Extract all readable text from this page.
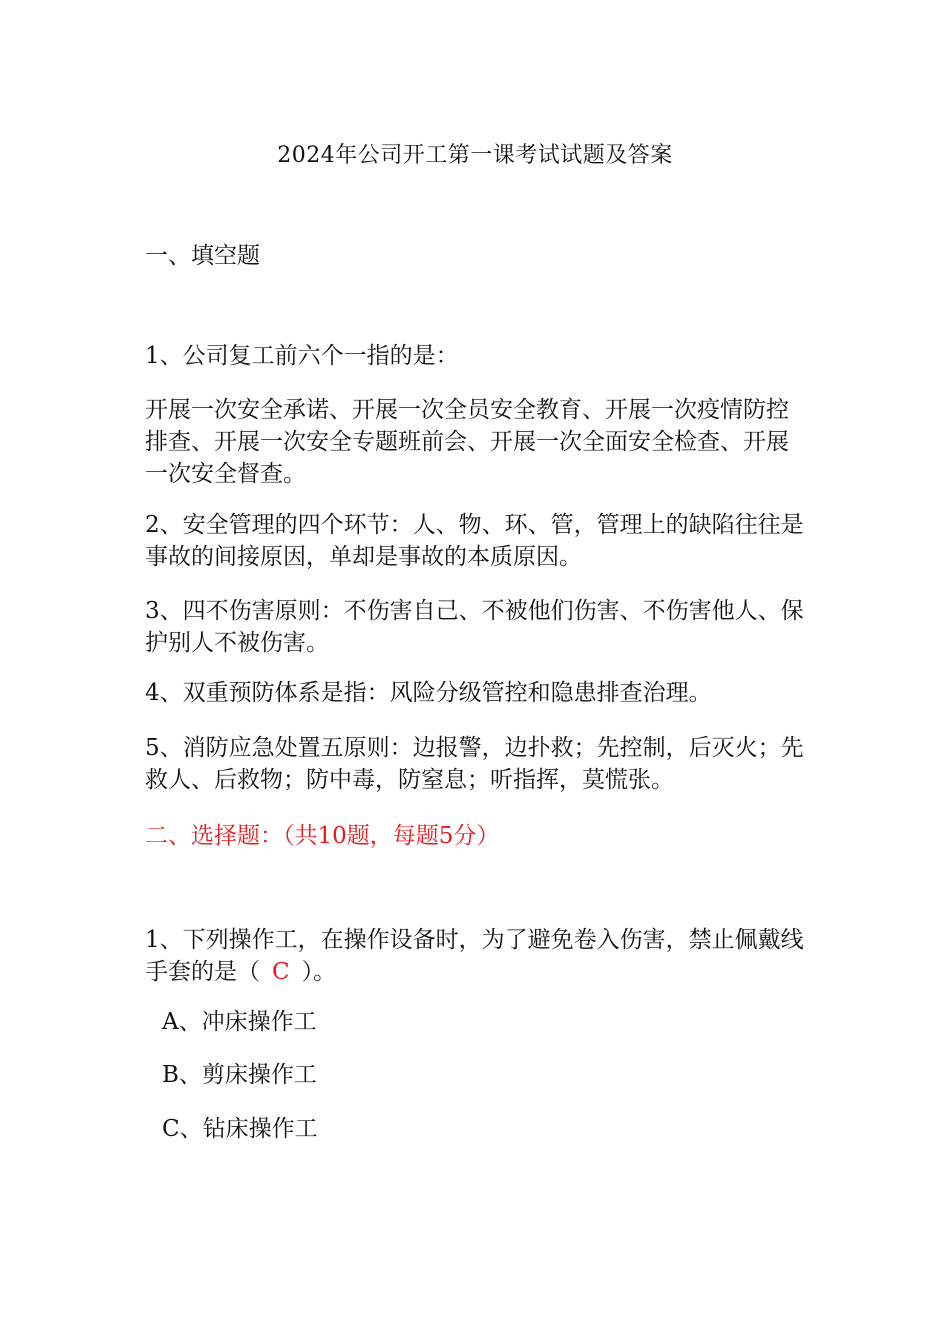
2024年公司开工第一课考试试题及答案

一、填空题

1、公司复工前六个一指的是：

开展一次安全承诺、开展一次全员安全教育、开展一次疫情防控排查、开展一次安全专题班前会、开展一次全面安全检查、开展一次安全督查。

2、安全管理的四个环节：人、物、环、管，管理上的缺陷往往是事故的间接原因，单却是事故的本质原因。

3、四不伤害原则：不伤害自己、不被他们伤害、不伤害他人、保护别人不被伤害。

4、双重预防体系是指：风险分级管控和隐患排查治理。

5、消防应急处置五原则：边报警，边扑救；先控制，后灭火；先救人、后救物；防中毒，防窒息；听指挥，莫慌张。

二、选择题：（共10题，每题5分）

1、下列操作工，在操作设备时，为了避免卷入伤害，禁止佩戴线手套的是（ C ）。

A、冲床操作工
B、剪床操作工
C、钻床操作工
